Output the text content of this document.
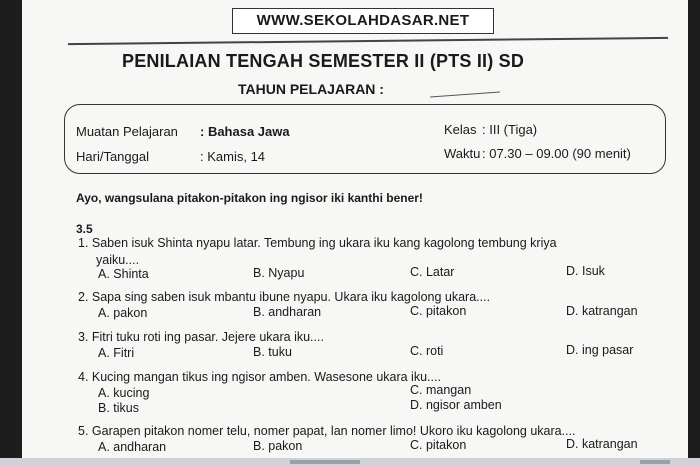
WWW.SEKOLAHDASAR.NET
PENILAIAN TENGAH SEMESTER II (PTS II) SD
TAHUN PELAJARAN :
Muatan Pelajaran : Bahasa Jawa	Kelas : III (Tiga)
Hari/Tanggal	: Kamis, 14	Waktu : 07.30 – 09.00 (90 menit)
Ayo, wangsulana pitakon-pitakon ing ngisor iki kanthi bener!
3.5
1. Saben isuk Shinta nyapu latar. Tembung ing ukara iku kang kagolong tembung kriya
yaiku....
A. Shinta	B. Nyapu	C. Latar	D. Isuk
2. Sapa sing saben isuk mbantu ibune nyapu. Ukara iku kagolong ukara....
A. pakon	B. andharan	C. pitakon	D. katrangan
3. Fitri tuku roti ing pasar. Jejere ukara iku....
A. Fitri	B. tuku	C. roti	D. ing pasar
4. Kucing mangan tikus ing ngisor amben. Wasesone ukara iku....
A. kucing
B. tikus
C. mangan
D. ngisor amben
5. Garapen pitakon nomer telu, nomer papat, lan nomer limo! Ukoro iku kagolong ukara....
A. andharan	B. pakon	C. pitakon	D. katrangan
